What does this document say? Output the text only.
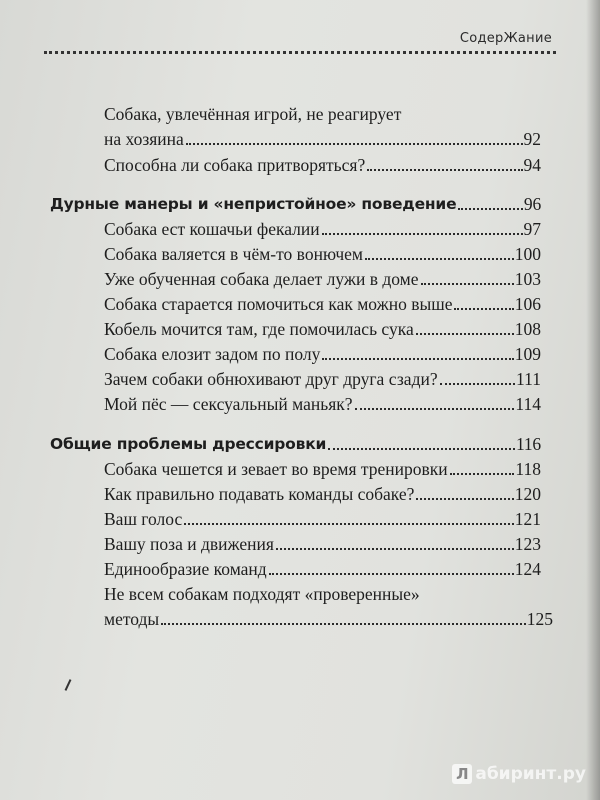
СодерЖание
Собака, увлечённая игрой, не реагирует
на хозяина	92
Способна ли собака притворяться?	94
Дурные манеры и «непристойное» поведение	96
Собака ест кошачьи фекалии	97
Собака валяется в чём-то вонючем	100
Уже обученная собака делает лужи в доме	103
Собака старается помочиться как можно выше	106
Кобель мочится там, где помочилась сука	108
Собака елозит задом по полу	109
Зачем собаки обнюхивают друг друга сзади?	111
Мой пёс — сексуальный маньяк?	114
Общие проблемы дрессировки	116
Собака чешется и зевает во время тренировки	118
Как правильно подавать команды собаке?	120
Ваш голос	121
Вашу поза и движения	123
Единообразие команд	124
Не всем собакам подходят «проверенные»
методы	125
Л абиринт.ру
